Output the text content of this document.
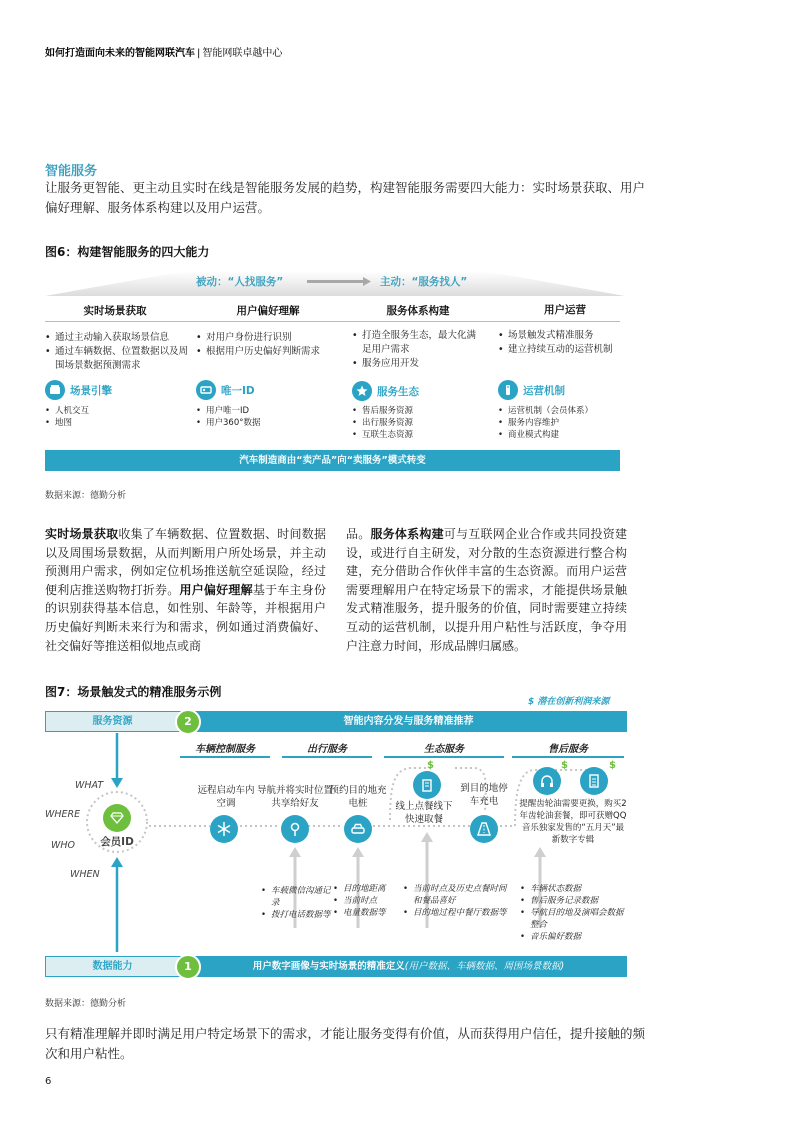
如何打造面向未来的智能网联汽车 | 智能网联卓越中心
智能服务
让服务更智能、更主动且实时在线是智能服务发展的趋势，构建智能服务需要四大能力：实时场景获取、用户偏好理解、服务体系构建以及用户运营。
图6：构建智能服务的四大能力
被动：“人找服务”	主动：“服务找人”
实时场景获取	用户偏好理解	服务体系构建	用户运营
• 通过主动输入获取场景信息
• 通过车辆数据、位置数据以及周围场景数据预测需求
场景引擎
• 人机交互
• 地图
• 对用户身份进行识别
• 根据用户历史偏好判断需求
唯一ID
• 用户唯一ID
• 用户360°数据
• 打造全服务生态，最大化满足用户需求
• 服务应用开发
服务生态
• 售后服务资源
• 出行服务资源
• 互联生态资源
• 场景触发式精准服务
• 建立持续互动的运营机制
运营机制
• 运营机制（会员体系）
• 服务内容维护
• 商业模式构建
汽车制造商由“卖产品”向“卖服务”模式转变
数据来源：德勤分析
实时场景获取收集了车辆数据、位置数据、时间数据以及周围场景数据，从而判断用户所处场景，并主动预测用户需求，例如定位机场推送航空延误险，经过便利店推送购物打折券。用户偏好理解基于车主身份的识别获得基本信息，如性别、年龄等，并根据用户历史偏好判断未来行为和需求，例如通过消费偏好、社交偏好等推送相似地点或商
品。服务体系构建可与互联网企业合作或共同投资建设，或进行自主研发，对分散的生态资源进行整合构建，充分借助合作伙伴丰富的生态资源。而用户运营需要理解用户在特定场景下的需求，才能提供场景触发式精准服务，提升服务的价值，同时需要建立持续互动的运营机制，以提升用户粘性与活跃度，争夺用户注意力时间，形成品牌归属感。
图7：场景触发式的精准服务示例
$ 潜在创新利润来源
服务资源	智能内容分发与服务精准推荐
2
车辆控制服务	出行服务	生态服务	售后服务
WHAT
WHERE
WHO
WHEN
会员ID
远程启动车内空调
导航并将实时位置共享给好友
预约目的地充电桩	线上点餐线下快速取餐
到目的地停车充电	提醒齿轮油需要更换，购买2年齿轮油套餐，即可获赠QQ音乐独家发售的“五月天”最新数字专辑
$	$	$
• 车载微信沟通记录
• 拨打电话数据等
• 目的地距离
• 当前时点
• 电量数据等
• 当前时点及历史点餐时间和餐品喜好
• 目的地过程中餐厅数据等
• 车辆状态数据
• 售后服务记录数据
• 导航目的地及演唱会数据整合
• 音乐偏好数据
数据能力	用户数字画像与实时场景的精准定义(用户数据、车辆数据、周围场景数据)
1
数据来源：德勤分析
只有精准理解并即时满足用户特定场景下的需求，才能让服务变得有价值，从而获得用户信任，提升接触的频次和用户粘性。
6
